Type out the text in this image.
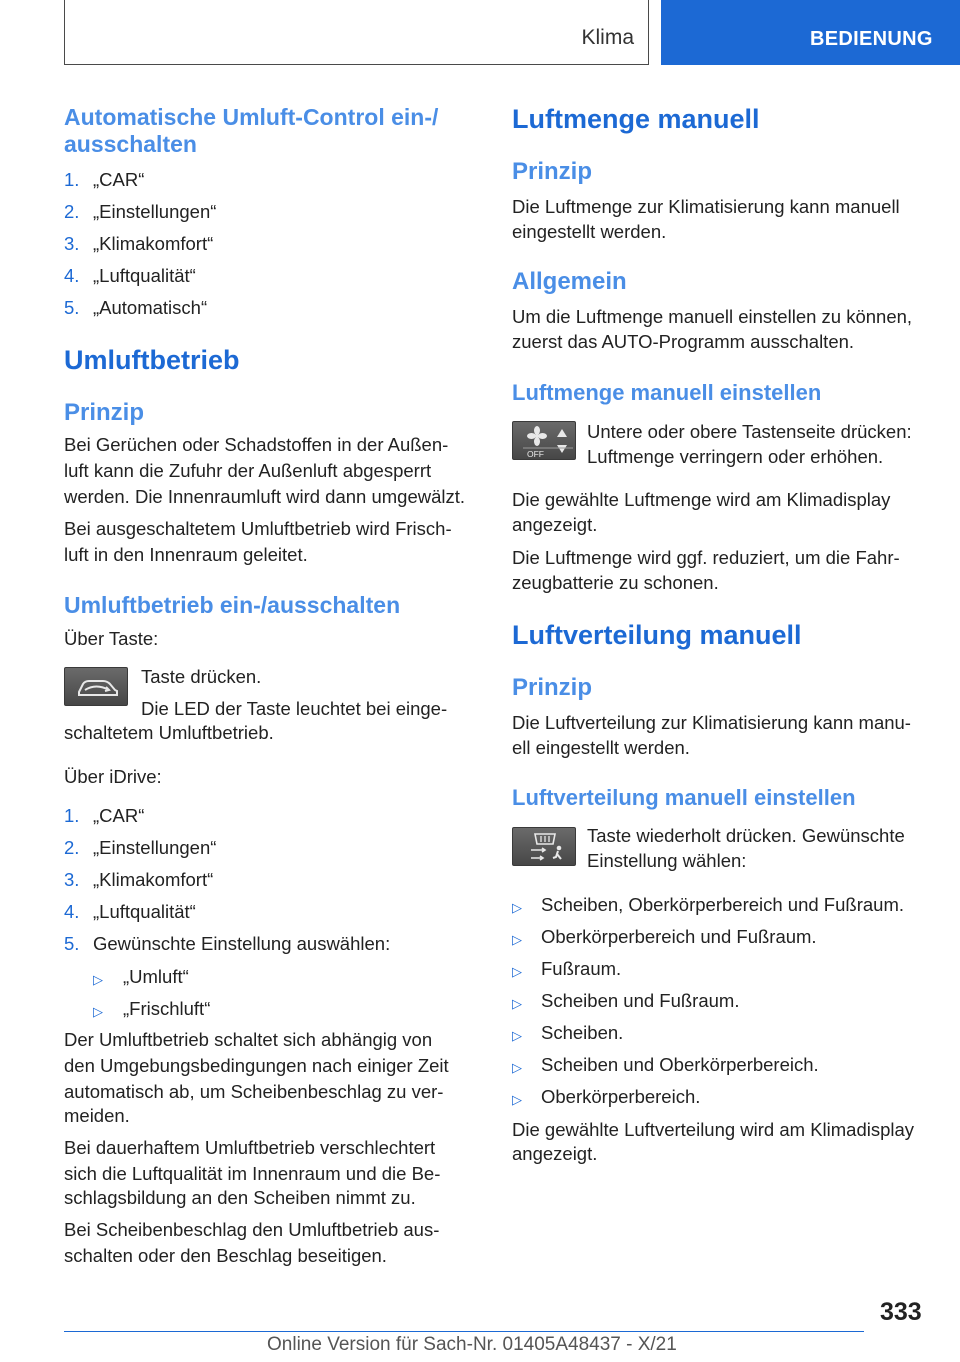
Klima	BEDIENUNG
Automatische Umluft-Control ein-/
ausschalten
1. „CAR“
2. „Einstellungen“
3. „Klimakomfort“
4. „Luftqualität“
5. „Automatisch“
Umluftbetrieb
Prinzip
Bei Gerüchen oder Schadstoffen in der Außen-
luft kann die Zufuhr der Außenluft abgesperrt
werden. Die Innenraumluft wird dann umgewälzt.
Bei ausgeschaltetem Umluftbetrieb wird Frisch-
luft in den Innenraum geleitet.
Umluftbetrieb ein-/ausschalten
Über Taste:
Taste drücken.
Die LED der Taste leuchtet bei einge-
schaltetem Umluftbetrieb.
Über iDrive:
1. „CAR“
2. „Einstellungen“
3. „Klimakomfort“
4. „Luftqualität“
5. Gewünschte Einstellung auswählen:
▷ „Umluft“
▷ „Frischluft“
Der Umluftbetrieb schaltet sich abhängig von
den Umgebungsbedingungen nach einiger Zeit
automatisch ab, um Scheibenbeschlag zu ver-
meiden.
Bei dauerhaftem Umluftbetrieb verschlechtert
sich die Luftqualität im Innenraum und die Be-
schlagsbildung an den Scheiben nimmt zu.
Bei Scheibenbeschlag den Umluftbetrieb aus-
schalten oder den Beschlag beseitigen.
Luftmenge manuell
Prinzip
Die Luftmenge zur Klimatisierung kann manuell
eingestellt werden.
Allgemein
Um die Luftmenge manuell einstellen zu können,
zuerst das AUTO-Programm ausschalten.
Luftmenge manuell einstellen
OFF
Untere oder obere Tastenseite drücken:
Luftmenge verringern oder erhöhen.
Die gewählte Luftmenge wird am Klimadisplay
angezeigt.
Die Luftmenge wird ggf. reduziert, um die Fahr-
zeugbatterie zu schonen.
Luftverteilung manuell
Prinzip
Die Luftverteilung zur Klimatisierung kann manu-
ell eingestellt werden.
Luftverteilung manuell einstellen
Taste wiederholt drücken. Gewünschte
Einstellung wählen:
▷ Scheiben, Oberkörperbereich und Fußraum.
▷ Oberkörperbereich und Fußraum.
▷ Fußraum.
▷ Scheiben und Fußraum.
▷ Scheiben.
▷ Scheiben und Oberkörperbereich.
▷ Oberkörperbereich.
Die gewählte Luftverteilung wird am Klimadisplay
angezeigt.
333
Online Version für Sach-Nr. 01405A48437 - X/21
